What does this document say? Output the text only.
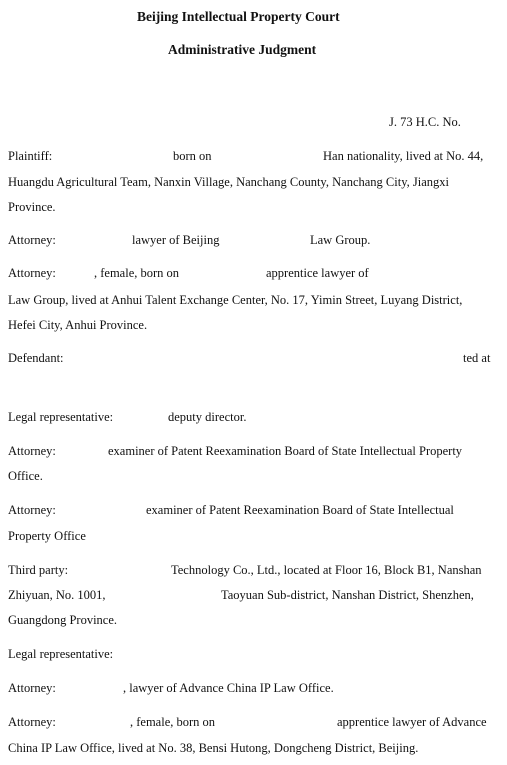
Beijing Intellectual Property Court
Administrative Judgment
J. 73 H.C. No.
Plaintiff:	born on	Han nationality, lived at No. 44,
Huangdu Agricultural Team, Nanxin Village, Nanchang County, Nanchang City, Jiangxi
Province.
Attorney:	lawyer of Beijing	Law Group.
Attorney:	, female, born on	apprentice lawyer of
Law Group, lived at Anhui Talent Exchange Center, No. 17, Yimin Street, Luyang District,
Hefei City, Anhui Province.
Defendant:	ted at
Legal representative:	deputy director.
Attorney:	examiner of Patent Reexamination Board of State Intellectual Property
Office.
Attorney:	examiner of Patent Reexamination Board of State Intellectual
Property Office
Third party:	Technology Co., Ltd., located at Floor 16, Block B1, Nanshan
Zhiyuan, No. 1001,	Taoyuan Sub-district, Nanshan District, Shenzhen,
Guangdong Province.
Legal representative:
Attorney:	, lawyer of Advance China IP Law Office.
Attorney:	, female, born on	apprentice lawyer of Advance
China IP Law Office, lived at No. 38, Bensi Hutong, Dongcheng District, Beijing.
